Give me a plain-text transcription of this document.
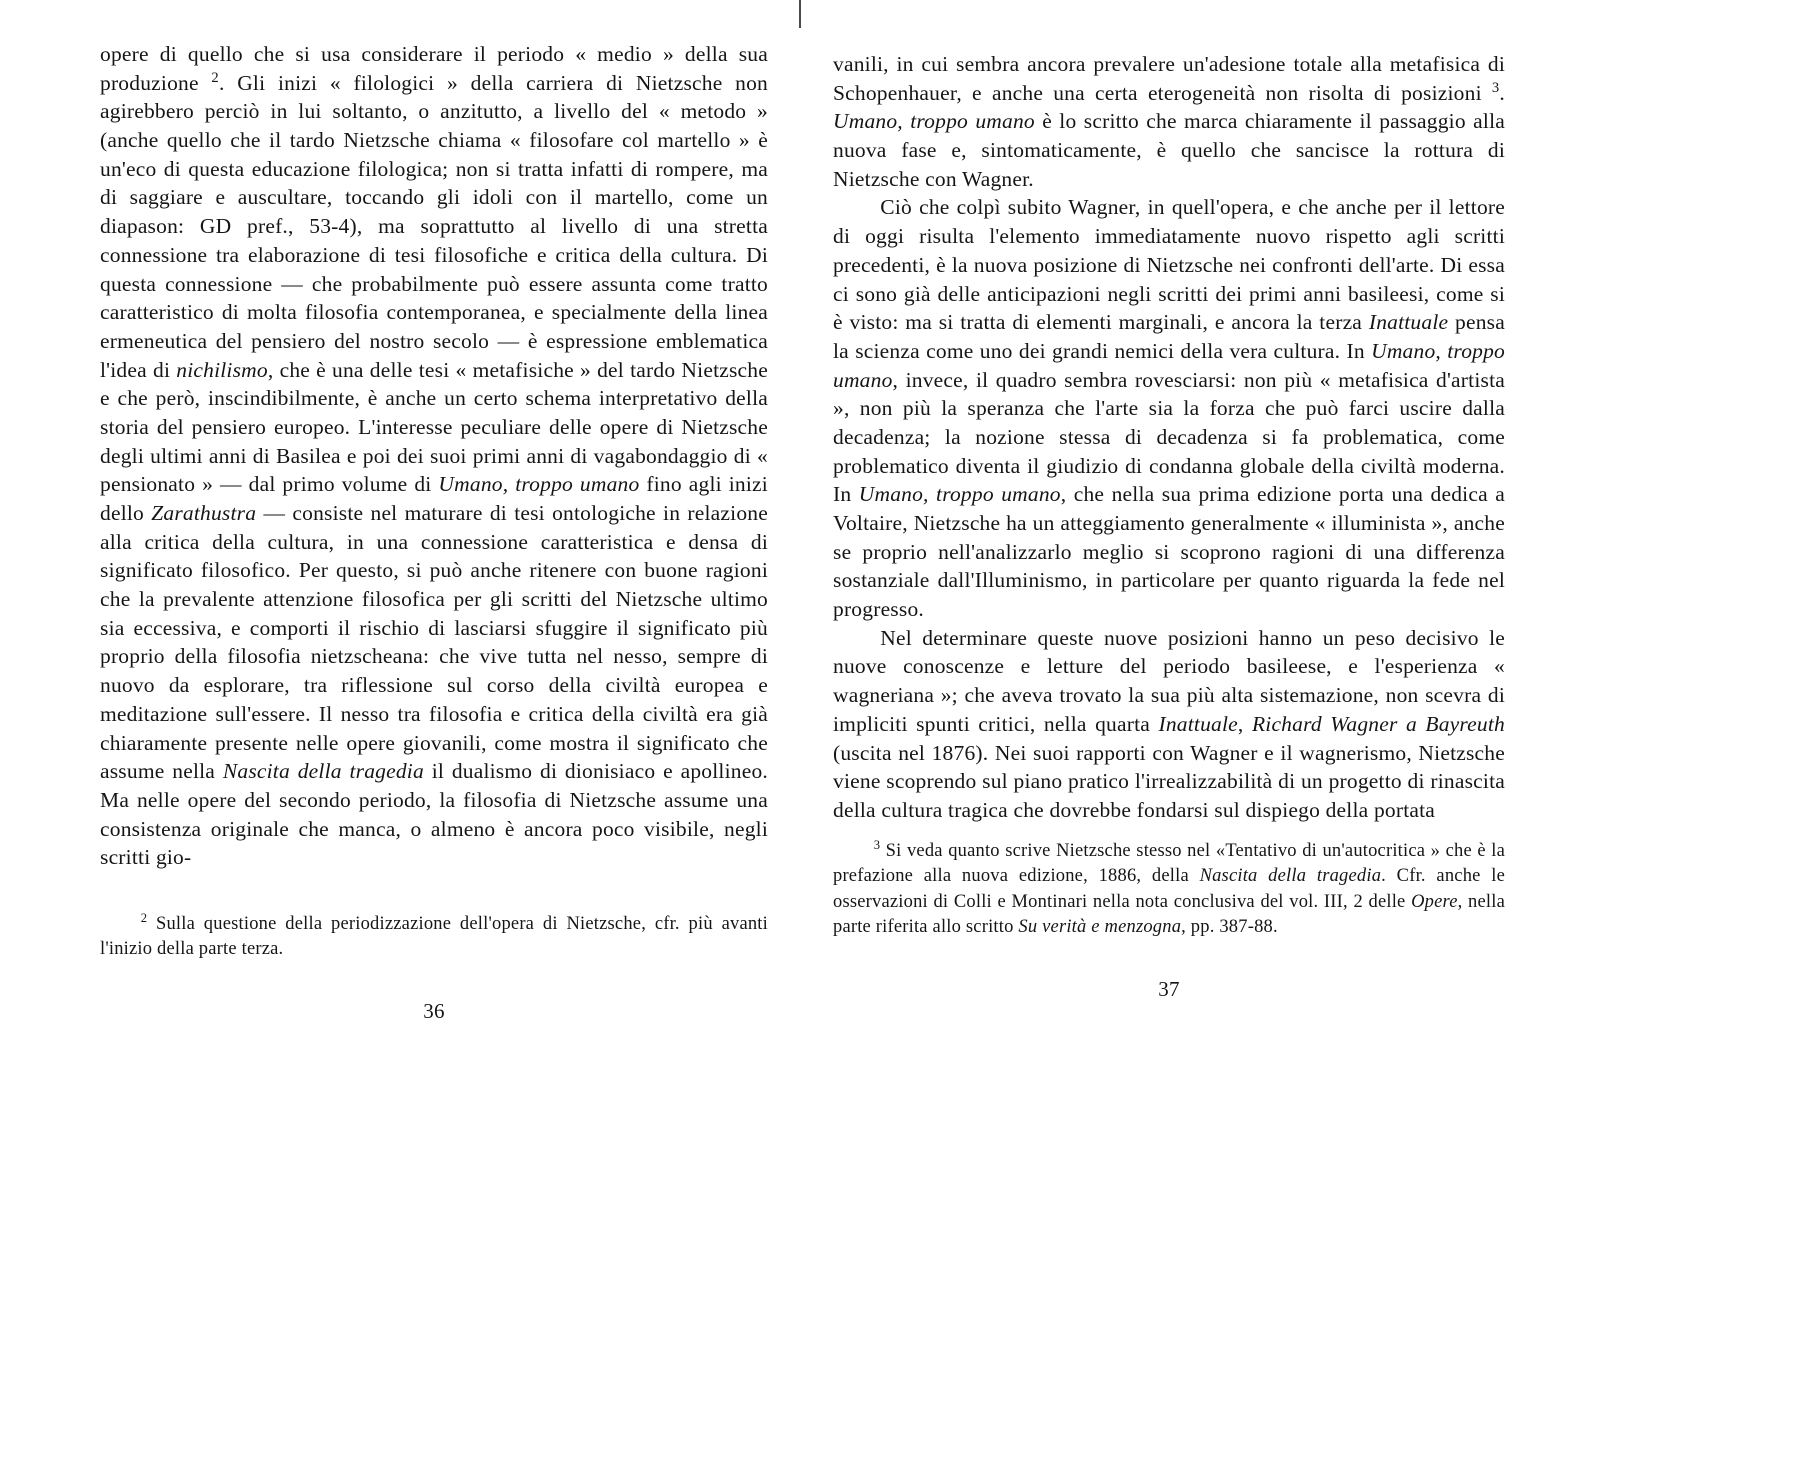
opere di quello che si usa considerare il periodo « medio » della sua produzione $^2$. Gli inizi « filologici » della carriera di Nietzsche non agirebbero perciò in lui soltanto, o anzitutto, a livello del « metodo » (anche quello che il tardo Nietzsche chiama « filosofare col martello » è un'eco di questa educazione filologica; non si tratta infatti di rompere, ma di saggiare e auscultare, toccando gli idoli con il martello, come un diapason: GD pref., 53-4), ma soprattutto al livello di una stretta connessione tra elaborazione di tesi filosofiche e critica della cultura. Di questa connessione — che probabilmente può essere assunta come tratto caratteristico di molta filosofia contemporanea, e specialmente della linea ermeneutica del pensiero del nostro secolo — è espressione emblematica l'idea di nichilismo, che è una delle tesi « metafisiche » del tardo Nietzsche e che però, inscindibilmente, è anche un certo schema interpretativo della storia del pensiero europeo. L'interesse peculiare delle opere di Nietzsche degli ultimi anni di Basilea e poi dei suoi primi anni di vagabondaggio di « pensionato » — dal primo volume di Umano, troppo umano fino agli inizi dello Zarathustra — consiste nel maturare di tesi ontologiche in relazione alla critica della cultura, in una connessione caratteristica e densa di significato filosofico. Per questo, si può anche ritenere con buone ragioni che la prevalente attenzione filosofica per gli scritti del Nietzsche ultimo sia eccessiva, e comporti il rischio di lasciarsi sfuggire il significato più proprio della filosofia nietzscheana: che vive tutta nel nesso, sempre di nuovo da esplorare, tra riflessione sul corso della civiltà europea e meditazione sull'essere. Il nesso tra filosofia e critica della civiltà era già chiaramente presente nelle opere giovanili, come mostra il significato che assume nella Nascita della tragedia il dualismo di dionisiaco e apollineo. Ma nelle opere del secondo periodo, la filosofia di Nietzsche assume una consistenza originale che manca, o almeno è ancora poco visibile, negli scritti gio-

$^2$ Sulla questione della periodizzazione dell'opera di Nietzsche, cfr. più avanti l'inizio della parte terza.

36

vanili, in cui sembra ancora prevalere un'adesione totale alla metafisica di Schopenhauer, e anche una certa eterogeneità non risolta di posizioni $^3$. Umano, troppo umano è lo scritto che marca chiaramente il passaggio alla nuova fase e, sintomaticamente, è quello che sancisce la rottura di Nietzsche con Wagner.

Ciò che colpì subito Wagner, in quell'opera, e che anche per il lettore di oggi risulta l'elemento immediatamente nuovo rispetto agli scritti precedenti, è la nuova posizione di Nietzsche nei confronti dell'arte. Di essa ci sono già delle anticipazioni negli scritti dei primi anni basileesi, come si è visto: ma si tratta di elementi marginali, e ancora la terza Inattuale pensa la scienza come uno dei grandi nemici della vera cultura. In Umano, troppo umano, invece, il quadro sembra rovesciarsi: non più « metafisica d'artista », non più la speranza che l'arte sia la forza che può farci uscire dalla decadenza; la nozione stessa di decadenza si fa problematica, come problematico diventa il giudizio di condanna globale della civiltà moderna. In Umano, troppo umano, che nella sua prima edizione porta una dedica a Voltaire, Nietzsche ha un atteggiamento generalmente « illuminista », anche se proprio nell'analizzarlo meglio si scoprono ragioni di una differenza sostanziale dall'Illuminismo, in particolare per quanto riguarda la fede nel progresso.

Nel determinare queste nuove posizioni hanno un peso decisivo le nuove conoscenze e letture del periodo basileese, e l'esperienza « wagneriana »; che aveva trovato la sua più alta sistemazione, non scevra di impliciti spunti critici, nella quarta Inattuale, Richard Wagner a Bayreuth (uscita nel 1876). Nei suoi rapporti con Wagner e il wagnerismo, Nietzsche viene scoprendo sul piano pratico l'irrealizzabilità di un progetto di rinascita della cultura tragica che dovrebbe fondarsi sul dispiego della portata

$^3$ Si veda quanto scrive Nietzsche stesso nel «Tentativo di un'autocritica » che è la prefazione alla nuova edizione, 1886, della Nascita della tragedia. Cfr. anche le osservazioni di Colli e Montinari nella nota conclusiva del vol. III, 2 delle Opere, nella parte riferita allo scritto Su verità e menzogna, pp. 387-88.

37
